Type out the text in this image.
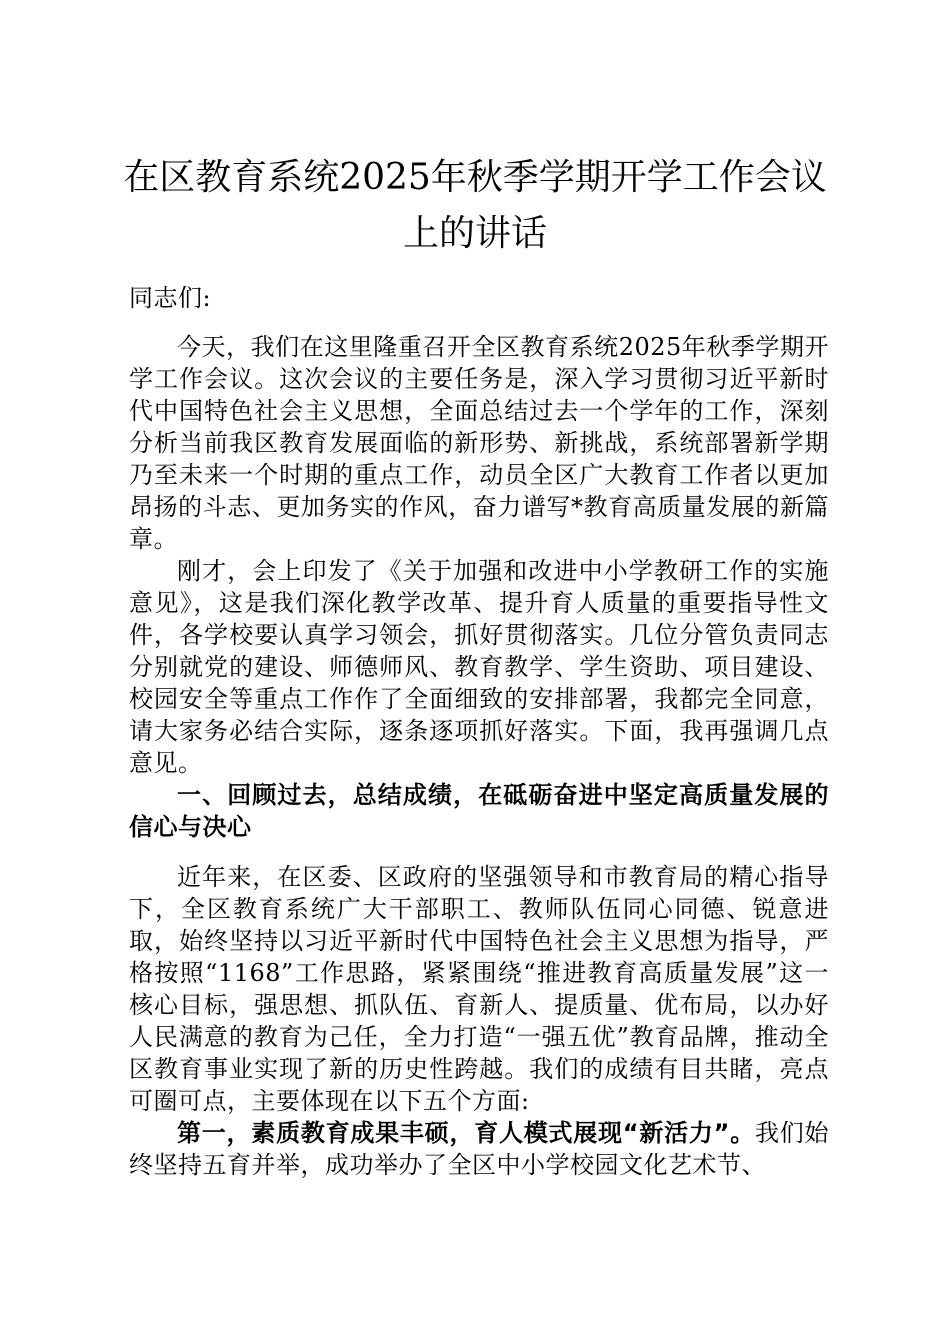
在区教育系统2025年秋季学期开学工作会议
上的讲话

同志们:

今天，我们在这里隆重召开全区教育系统2025年秋季学期开学工作会议。这次会议的主要任务是，深入学习贯彻习近平新时代中国特色社会主义思想，全面总结过去一个学年的工作，深刻分析当前我区教育发展面临的新形势、新挑战，系统部署新学期乃至未来一个时期的重点工作，动员全区广大教育工作者以更加昂扬的斗志、更加务实的作风，奋力谱写*教育高质量发展的新篇章。

刚才，会上印发了《关于加强和改进中小学教研工作的实施意见》，这是我们深化教学改革、提升育人质量的重要指导性文件，各学校要认真学习领会，抓好贯彻落实。几位分管负责同志分别就党的建设、师德师风、教育教学、学生资助、项目建设、校园安全等重点工作作了全面细致的安排部署，我都完全同意，请大家务必结合实际，逐条逐项抓好落实。下面，我再强调几点意见。

一、回顾过去，总结成绩，在砥砺奋进中坚定高质量发展的信心与决心

近年来，在区委、区政府的坚强领导和市教育局的精心指导下，全区教育系统广大干部职工、教师队伍同心同德、锐意进取，始终坚持以习近平新时代中国特色社会主义思想为指导，严格按照“1168”工作思路，紧紧围绕“推进教育高质量发展”这一核心目标，强思想、抓队伍、育新人、提质量、优布局，以办好人民满意的教育为己任，全力打造“一强五优”教育品牌，推动全区教育事业实现了新的历史性跨越。我们的成绩有目共睹，亮点可圈可点，主要体现在以下五个方面:

第一，素质教育成果丰硕，育人模式展现“新活力”。我们始终坚持五育并举，成功举办了全区中小学校园文化艺术节、
